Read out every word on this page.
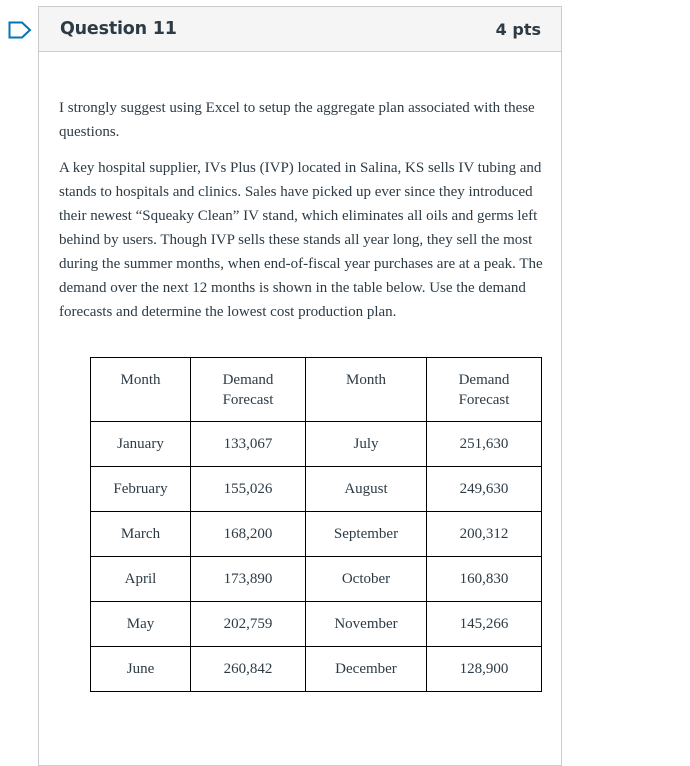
Question 11	4 pts

I strongly suggest using Excel to setup the aggregate plan associated with these questions.

A key hospital supplier, IVs Plus (IVP) located in Salina, KS sells IV tubing and stands to hospitals and clinics. Sales have picked up ever since they introduced their newest “Squeaky Clean” IV stand, which eliminates all oils and germs left behind by users. Though IVP sells these stands all year long, they sell the most during the summer months, when end-of-fiscal year purchases are at a peak. The demand over the next 12 months is shown in the table below. Use the demand forecasts and determine the lowest cost production plan.

Month	Demand Forecast	Month	Demand Forecast
January	133,067	July	251,630
February	155,026	August	249,630
March	168,200	September	200,312
April	173,890	October	160,830
May	202,759	November	145,266
June	260,842	December	128,900
